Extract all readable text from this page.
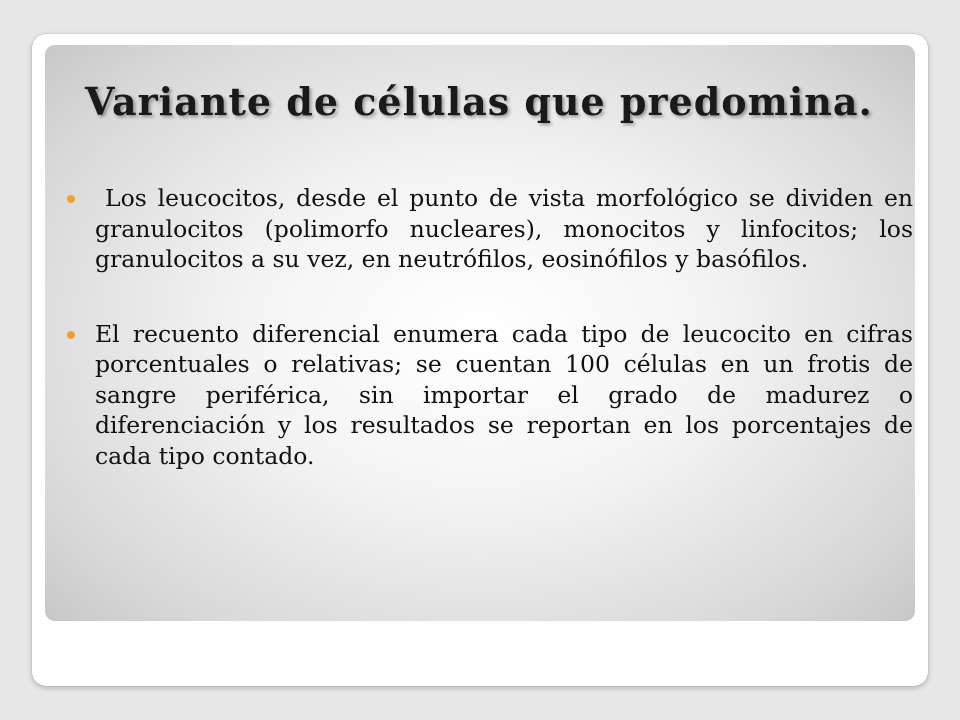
Variante de células que predomina.
Los leucocitos, desde el punto de vista morfológico se dividen en granulocitos (polimorfo nucleares), monocitos y linfocitos; los granulocitos a su vez, en neutrófilos, eosinófilos y basófilos.
El recuento diferencial enumera cada tipo de leucocito en cifras porcentuales o relativas; se cuentan 100 células en un frotis de sangre periférica, sin importar el grado de madurez o diferenciación y los resultados se reportan en los porcentajes de cada tipo contado.
